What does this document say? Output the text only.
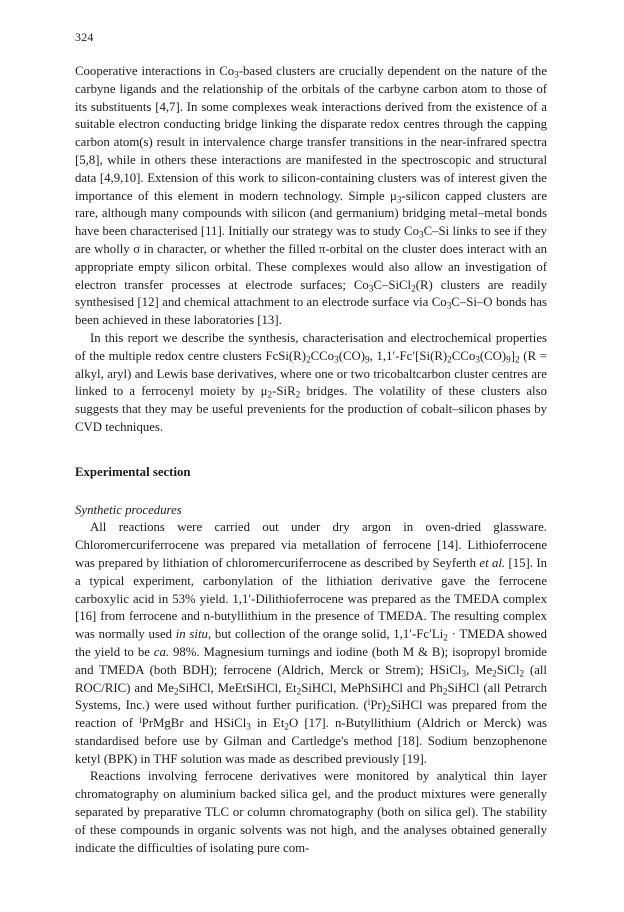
324

Cooperative interactions in $Co_3$-based clusters are crucially dependent on the nature of the carbyne ligands and the relationship of the orbitals of the carbyne carbon atom to those of its substituents [4,7]. In some complexes weak interactions derived from the existence of a suitable electron conducting bridge linking the disparate redox centres through the capping carbon atom(s) result in intervalence charge transfer transitions in the near-infrared spectra [5,8], while in others these interactions are manifested in the spectroscopic and structural data [4,9,10]. Extension of this work to silicon-containing clusters was of interest given the importance of this element in modern technology. Simple $\mu_3$-silicon capped clusters are rare, although many compounds with silicon (and germanium) bridging metal–metal bonds have been characterised [11]. Initially our strategy was to study $Co_3C-Si$ links to see if they are wholly σ in character, or whether the filled π-orbital on the cluster does interact with an appropriate empty silicon orbital. These complexes would also allow an investigation of electron transfer processes at electrode surfaces; $Co_3C-SiCl_2(R)$ clusters are readily synthesised [12] and chemical attachment to an electrode surface via $Co_3C-Si-O$ bonds has been achieved in these laboratories [13].

In this report we describe the synthesis, characterisation and electrochemical properties of the multiple redox centre clusters $FcSi(R)_2CCo_3(CO)_9$, $1,1'-Fc'[Si(R)_2CCo_3(CO)_9]_2$ (R = alkyl, aryl) and Lewis base derivatives, where one or two tricobaltcarbon cluster centres are linked to a ferrocenyl moiety by $\mu_2-SiR_2$ bridges. The volatility of these clusters also suggests that they may be useful prevenients for the production of cobalt–silicon phases by CVD techniques.

Experimental section

Synthetic procedures

All reactions were carried out under dry argon in oven-dried glassware. Chloromercuriferrocene was prepared via metallation of ferrocene [14]. Lithioferrocene was prepared by lithiation of chloromercuriferrocene as described by Seyferth et al. [15]. In a typical experiment, carbonylation of the lithiation derivative gave the ferrocene carboxylic acid in 53% yield. 1,1′-Dilithioferrocene was prepared as the TMEDA complex [16] from ferrocene and n-butyllithium in the presence of TMEDA. The resulting complex was normally used in situ, but collection of the orange solid, $1,1'-Fc'Li_2$ · TMEDA showed the yield to be ca. 98%. Magnesium turnings and iodine (both M & B); isopropyl bromide and TMEDA (both BDH); ferrocene (Aldrich, Merck or Strem); HSiCl$_3$, $Me_2SiCl_2$ (all ROC/RIC) and $Me_2SiHCl$, MeEtSiHCl, $Et_2SiHCl$, MePhSiHCl and $Ph_2SiHCl$ (all Petrarch Systems, Inc.) were used without further purification. $(^iPr)_2SiHCl$ was prepared from the reaction of $^i$PrMgBr and HSiCl$_3$ in $Et_2O$ [17]. n-Butyllithium (Aldrich or Merck) was standardised before use by Gilman and Cartledge's method [18]. Sodium benzophenone ketyl (BPK) in THF solution was made as described previously [19].

Reactions involving ferrocene derivatives were monitored by analytical thin layer chromatography on aluminium backed silica gel, and the product mixtures were generally separated by preparative TLC or column chromatography (both on silica gel). The stability of these compounds in organic solvents was not high, and the analyses obtained generally indicate the difficulties of isolating pure com-
